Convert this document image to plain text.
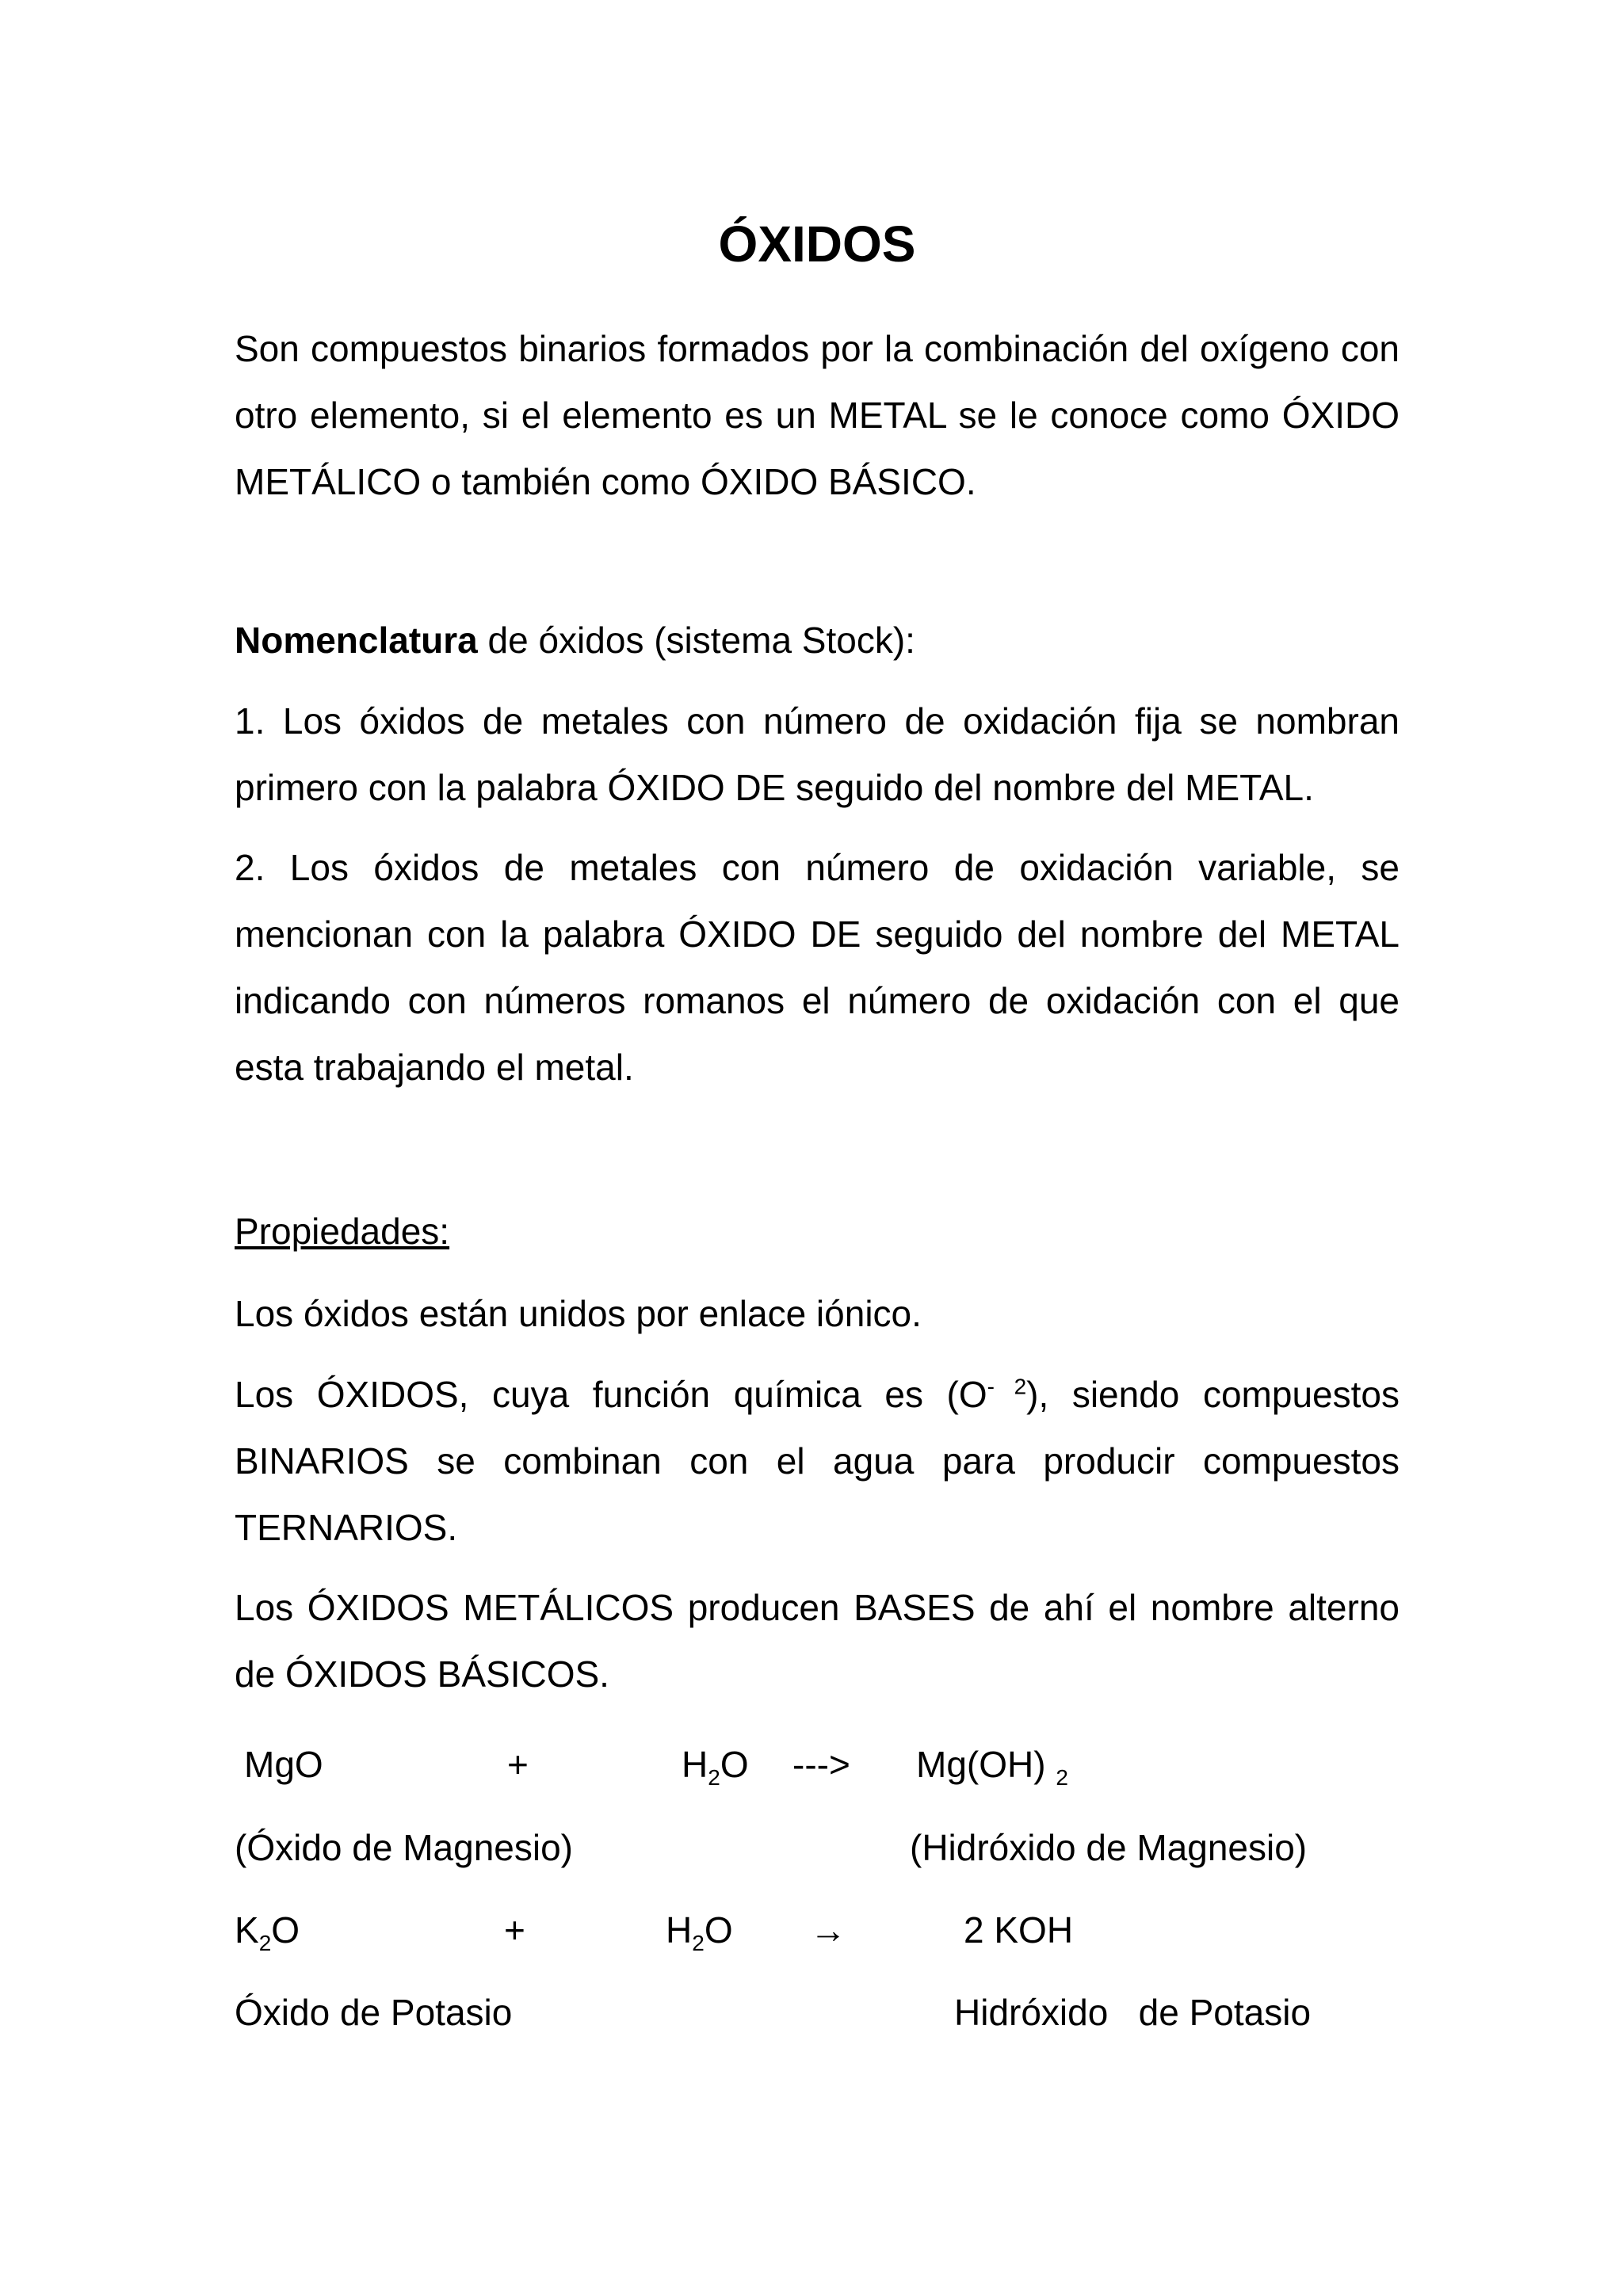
ÓXIDOS

Son compuestos binarios formados por la combinación del oxígeno con otro elemento, si el elemento es un METAL se le conoce como ÓXIDO METÁLICO o también como ÓXIDO BÁSICO.

Nomenclatura de óxidos (sistema Stock):

1. Los óxidos de metales con número de oxidación fija se nombran primero con la palabra ÓXIDO DE seguido del nombre del METAL.

2. Los óxidos de metales con número de oxidación variable, se mencionan con la palabra ÓXIDO DE seguido del nombre del METAL indicando con números romanos el número de oxidación con el que esta trabajando el metal.

Propiedades:

Los óxidos están unidos por enlace iónico.

Los ÓXIDOS, cuya función química es $(O^{- 2})$, siendo compuestos BINARIOS se combinan con el agua para producir compuestos TERNARIOS.

Los ÓXIDOS METÁLICOS producen BASES de ahí el nombre alterno de ÓXIDOS BÁSICOS.

MgO	+	$H_2O$ ---> Mg(OH) $_2$
(Óxido de Magnesio)	(Hidróxido de Magnesio)
$K_2O$	+	$H_2O$ →	2 KOH
Óxido de Potasio	Hidróxido   de Potasio
